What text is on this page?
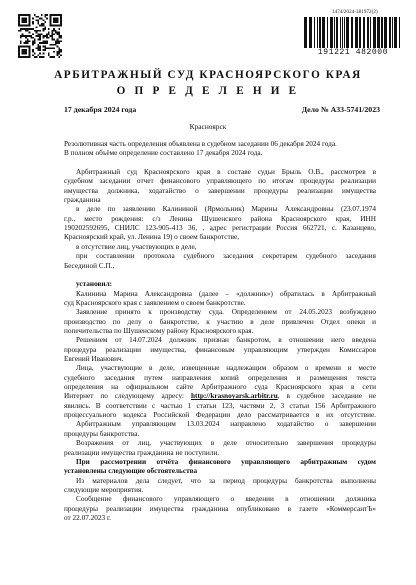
1474/2024-381972(2)
191221 482000
АРБИТРАЖНЫЙ СУД КРАСНОЯРСКОГО КРАЯ
О П Р Е Д Е Л Е Н И Е
17 декабря 2024 года	Дело № А33-5741/2023
Красноярск
Резолютивная часть определения объявлена в судебном заседании 06 декабря 2024 года.
В полном объёме определение составлено 17 декабря 2024 года.
Арбитражный суд Красноярского края в составе судьи Брыль О.В., рассмотрев в
судебном заседании отчет финансового управляющего по итогам процедуры реализации
имущества должника, ходатайство о завершении процедуры реализации имущества
гражданина
в деле по заявлению Калининой (Ярмольник) Марины Александровны (23.07.1974
г.р., место рождения: с/з Ленина Шушенского района Красноярского края, ИНН
190202592695, СНИЛС 123-905-413 36, , адрес регистрации Россия 662721, с. Казанцево,
Красноярский край, ул. Ленина 19) о своем банкротстве,
в отсутствие лиц, участвующих в деле,
при составлении протокола судебного заседания секретарем судебного заседания
Бесединой С.П.,
установил:
Калинина Марина Александровна (далее – «должник») обратилась в Арбитражный
суд Красноярского края с заявлением о своем банкротстве.
Заявление принято к производству суда. Определением от 24.05.2023 возбуждено
производство по делу о банкротстве, к участию в деле привлечен Отдел опеки и
попечительства по Шушенскому району Красноярского края.
Решением от 14.07.2024 должник признан банкротом, в отношении него введена
процедура реализации имущества, финансовым управляющим утвержден Комиссаров
Евгений Иванович.
Лица, участвующие в деле, извещенные надлежащим образом о времени и месте
судебного заседания путем направления копий определения и размещения текста
определения на официальном сайте Арбитражного суда Красноярского края в сети
Интернет по следующему адресу: http://krasnoyarsk.arbitr.ru, в судебное заседание не
явились. В соответствии с частью 1 статьи 123, частями 2, 3 статьи 156 Арбитражного
процессуального кодекса Российской Федерации дело рассматривается в их отсутствие.
Арбитражным управляющим 13.03.2024 направлено ходатайство о завершении
процедуры банкротства.
Возражения от лиц, участвующих в деле относительно завершения процедуры
реализации имущества гражданина не поступили.
При рассмотрении отчёта финансового управляющего арбитражным судом
установлены следующие обстоятельства
Из материалов дела следует, что за период процедуры банкротства выполнены
следующие мероприятия.
Сообщение финансового управляющего о введении в отношении должника
процедуры реализации имущества гражданина опубликовано в газете «КоммерсантЪ»
от 22.07.2023 г.
